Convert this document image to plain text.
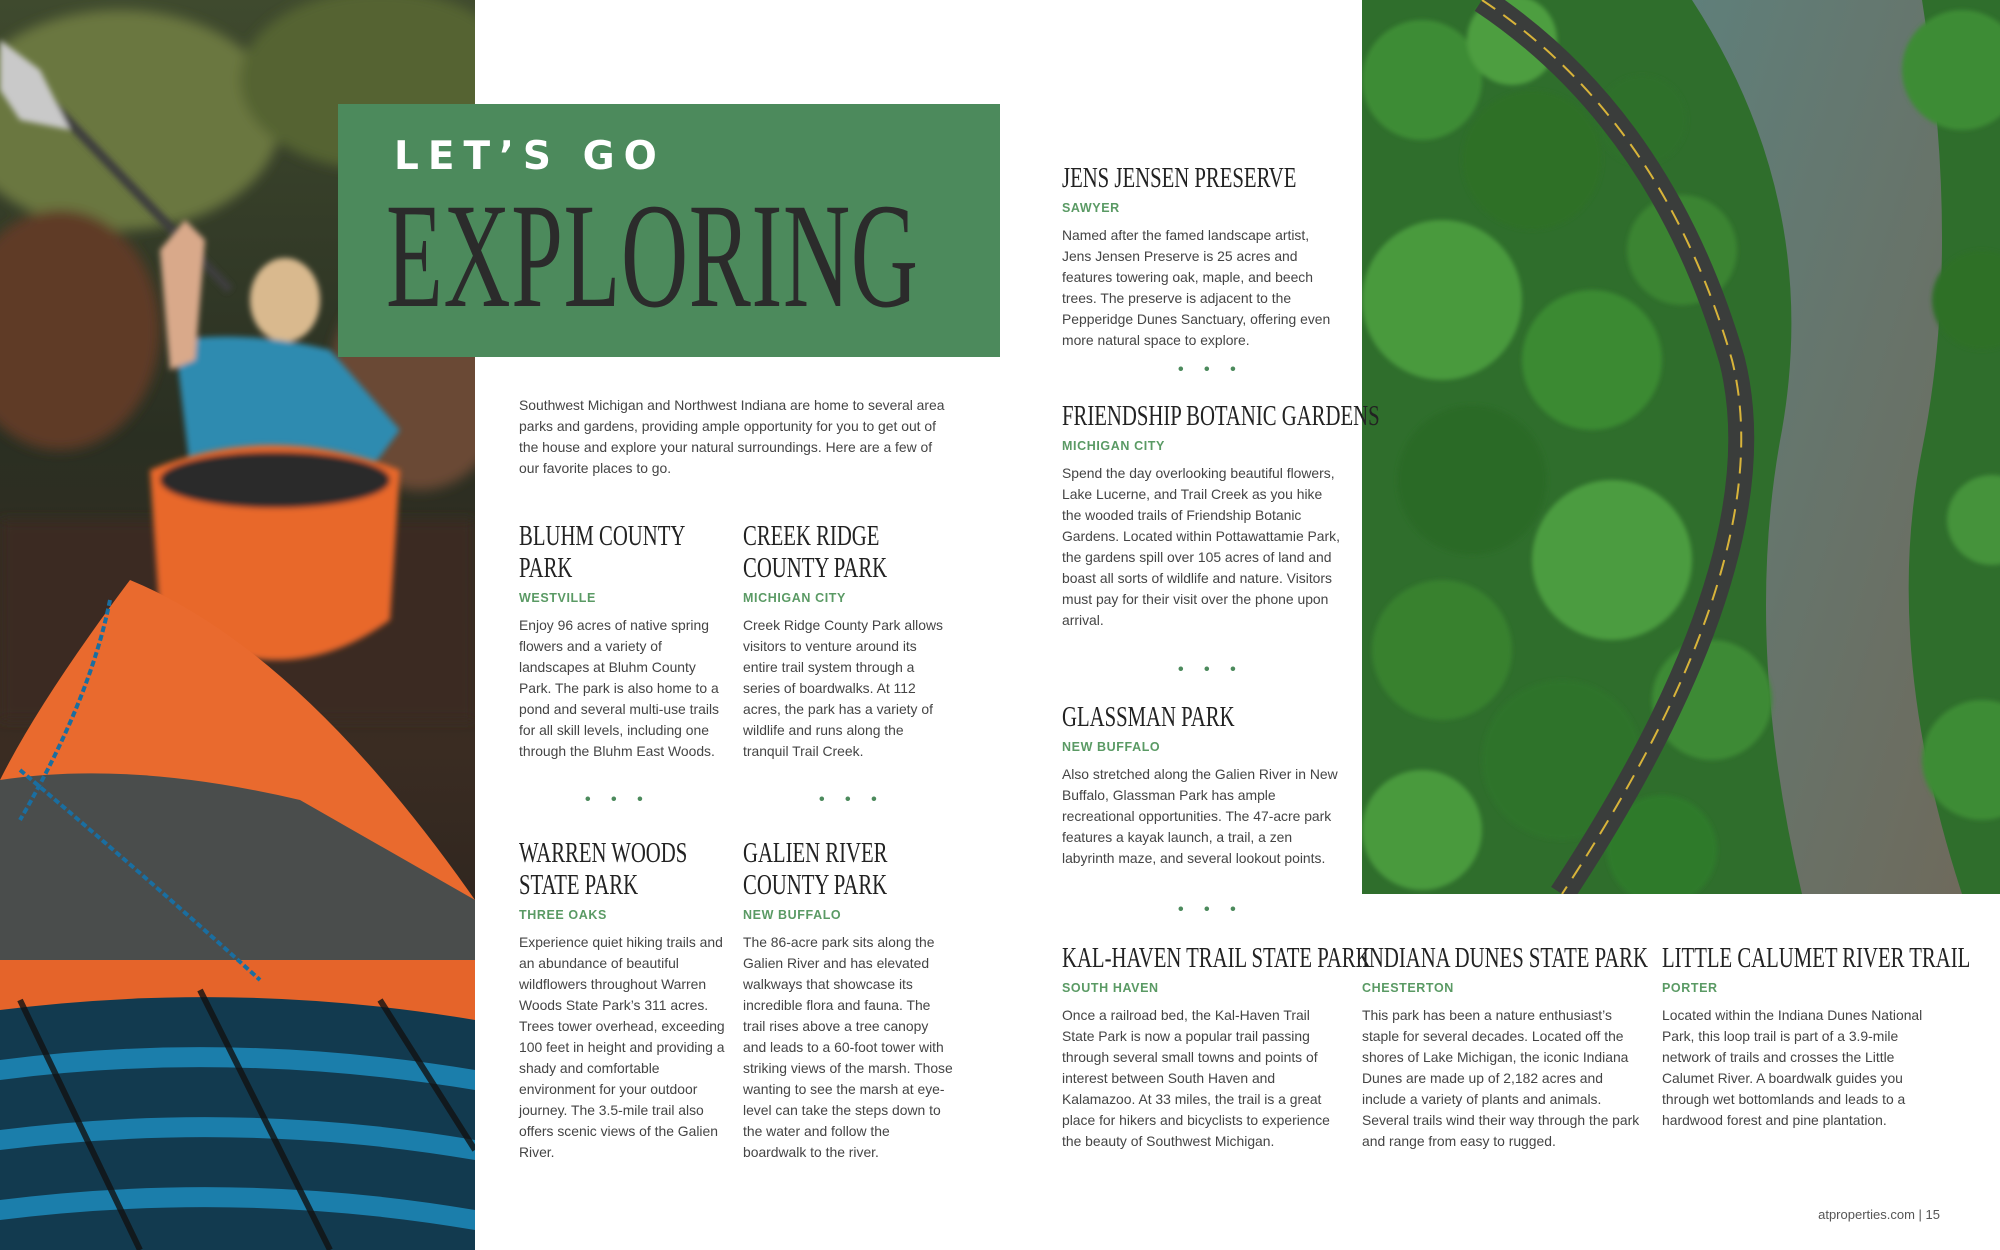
LET’S GO
EXPLORING

Southwest Michigan and Northwest Indiana are home to several area parks and gardens, providing ample opportunity for you to get out of the house and explore your natural surroundings. Here are a few of our favorite places to go.

BLUHM COUNTY PARK
WESTVILLE
Enjoy 96 acres of native spring flowers and a variety of landscapes at Bluhm County Park. The park is also home to a pond and several multi-use trails for all skill levels, including one through the Bluhm East Woods.
CREEK RIDGE COUNTY PARK
MICHIGAN CITY
Creek Ridge County Park allows visitors to venture around its entire trail system through a series of boardwalks. At 112 acres, the park has a variety of wildlife and runs along the tranquil Trail Creek.
• • •	• • •
WARREN WOODS STATE PARK
THREE OAKS
Experience quiet hiking trails and an abundance of beautiful wildflowers throughout Warren Woods State Park’s 311 acres. Trees tower overhead, exceeding 100 feet in height and providing a shady and comfortable environment for your outdoor journey. The 3.5-mile trail also offers scenic views of the Galien River.
GALIEN RIVER COUNTY PARK
NEW BUFFALO
The 86-acre park sits along the Galien River and has elevated walkways that showcase its incredible flora and fauna. The trail rises above a tree canopy and leads to a 60-foot tower with striking views of the marsh. Those wanting to see the marsh at eye-level can take the steps down to the water and follow the boardwalk to the river.
JENS JENSEN PRESERVE
SAWYER
Named after the famed landscape artist, Jens Jensen Preserve is 25 acres and features towering oak, maple, and beech trees. The preserve is adjacent to the Pepperidge Dunes Sanctuary, offering even more natural space to explore.
• • •
FRIENDSHIP BOTANIC GARDENS
MICHIGAN CITY
Spend the day overlooking beautiful flowers, Lake Lucerne, and Trail Creek as you hike the wooded trails of Friendship Botanic Gardens. Located within Pottawattamie Park, the gardens spill over 105 acres of land and boast all sorts of wildlife and nature. Visitors must pay for their visit over the phone upon arrival.
• • •
GLASSMAN PARK
NEW BUFFALO
Also stretched along the Galien River in New Buffalo, Glassman Park has ample recreational opportunities. The 47-acre park features a kayak launch, a trail, a zen labyrinth maze, and several lookout points.
• • •
KAL-HAVEN TRAIL STATE PARK
SOUTH HAVEN
Once a railroad bed, the Kal-Haven Trail State Park is now a popular trail passing through several small towns and points of interest between South Haven and Kalamazoo. At 33 miles, the trail is a great place for hikers and bicyclists to experience the beauty of Southwest Michigan.
INDIANA DUNES STATE PARK
CHESTERTON
This park has been a nature enthusiast’s staple for several decades. Located off the shores of Lake Michigan, the iconic Indiana Dunes are made up of 2,182 acres and include a variety of plants and animals. Several trails wind their way through the park and range from easy to rugged.
LITTLE CALUMET RIVER TRAIL
PORTER
Located within the Indiana Dunes National Park, this loop trail is part of a 3.9-mile network of trails and crosses the Little Calumet River. A boardwalk guides you through wet bottomlands and leads to a hardwood forest and pine plantation.
atproperties.com | 15
